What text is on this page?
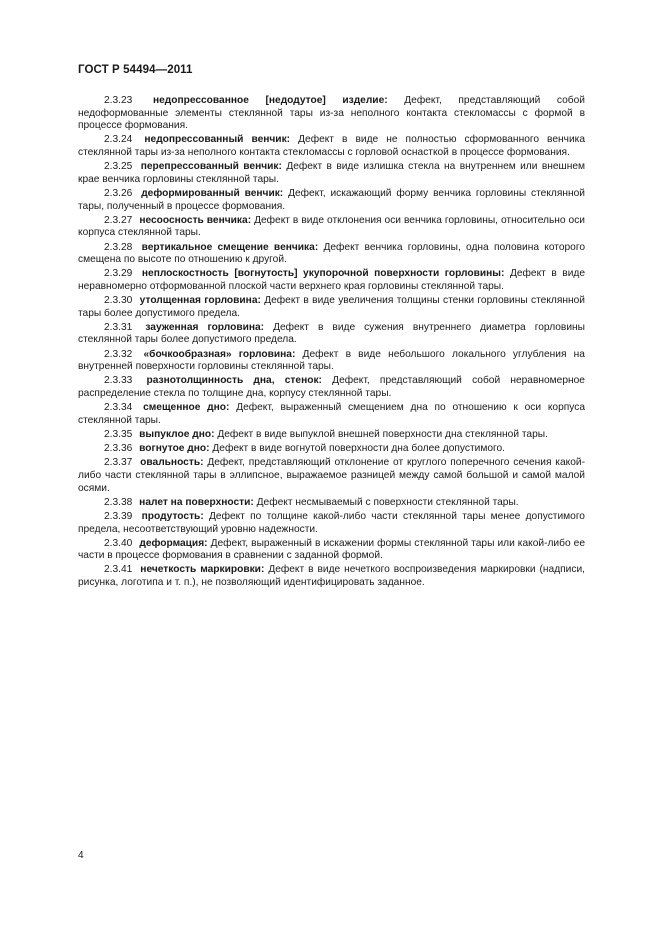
ГОСТ Р 54494—2011

2.3.23 недопрессованное [недодутое] изделие: Дефект, представляющий собой недоформованные элементы стеклянной тары из-за неполного контакта стекломассы с формой в процессе формования.

2.3.24 недопрессованный венчик: Дефект в виде не полностью сформованного венчика стеклянной тары из-за неполного контакта стекломассы с горловой оснасткой в процессе формования.

2.3.25 перепрессованный венчик: Дефект в виде излишка стекла на внутреннем или внешнем крае венчика горловины стеклянной тары.

2.3.26 деформированный венчик: Дефект, искажающий форму венчика горловины стеклянной тары, полученный в процессе формования.

2.3.27 несоосность венчика: Дефект в виде отклонения оси венчика горловины, относительно оси корпуса стеклянной тары.

2.3.28 вертикальное смещение венчика: Дефект венчика горловины, одна половина которого смещена по высоте по отношению к другой.

2.3.29 неплоскостность [вогнутость] укупорочной поверхности горловины: Дефект в виде неравномерно отформованной плоской части верхнего края горловины стеклянной тары.

2.3.30 утолщенная горловина: Дефект в виде увеличения толщины стенки горловины стеклянной тары более допустимого предела.

2.3.31 зауженная горловина: Дефект в виде сужения внутреннего диаметра горловины стеклянной тары более допустимого предела.

2.3.32 «бочкообразная» горловина: Дефект в виде небольшого локального углубления на внутренней поверхности горловины стеклянной тары.

2.3.33 разнотолщинность дна, стенок: Дефект, представляющий собой неравномерное распределение стекла по толщине дна, корпусу стеклянной тары.

2.3.34 смещенное дно: Дефект, выраженный смещением дна по отношению к оси корпуса стеклянной тары.

2.3.35 выпуклое дно: Дефект в виде выпуклой внешней поверхности дна стеклянной тары.

2.3.36 вогнутое дно: Дефект в виде вогнутой поверхности дна более допустимого.

2.3.37 овальность: Дефект, представляющий отклонение от круглого поперечного сечения какой-либо части стеклянной тары в эллипсное, выражаемое разницей между самой большой и самой малой осями.

2.3.38 налет на поверхности: Дефект несмываемый с поверхности стеклянной тары.

2.3.39 продутость: Дефект по толщине какой-либо части стеклянной тары менее допустимого предела, несоответствующий уровню надежности.

2.3.40 деформация: Дефект, выраженный в искажении формы стеклянной тары или какой-либо ее части в процессе формования в сравнении с заданной формой.

2.3.41 нечеткость маркировки: Дефект в виде нечеткого воспроизведения маркировки (надписи, рисунка, логотипа и т. п.), не позволяющий идентифицировать заданное.

4
